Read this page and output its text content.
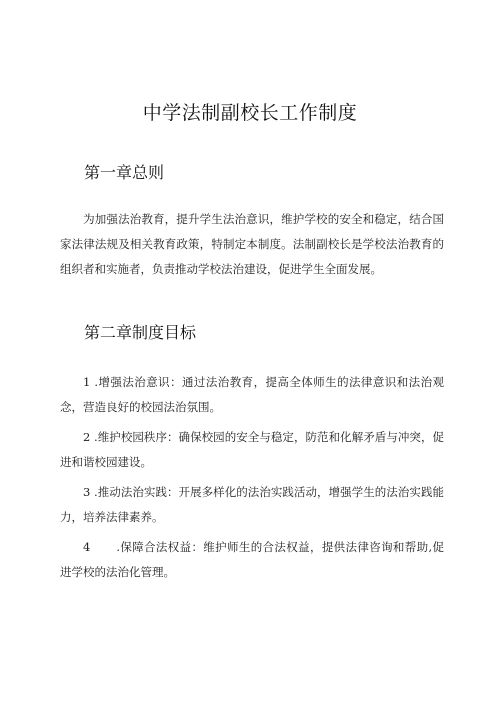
中学法制副校长工作制度
第一章总则
为加强法治教育，提升学生法治意识，维护学校的安全和稳定，结合国家法律法规及相关教育政策，特制定本制度。法制副校长是学校法治教育的组织者和实施者，负责推动学校法治建设，促进学生全面发展。
第二章制度目标
1 .增强法治意识：通过法治教育，提高全体师生的法律意识和法治观念，营造良好的校园法治氛围。
2 .维护校园秩序：确保校园的安全与稳定，防范和化解矛盾与冲突，促进和谐校园建设。
3 .推动法治实践：开展多样化的法治实践活动，增强学生的法治实践能力，培养法律素养。
4 .保障合法权益：维护师生的合法权益，提供法律咨询和帮助,促进学校的法治化管理。
